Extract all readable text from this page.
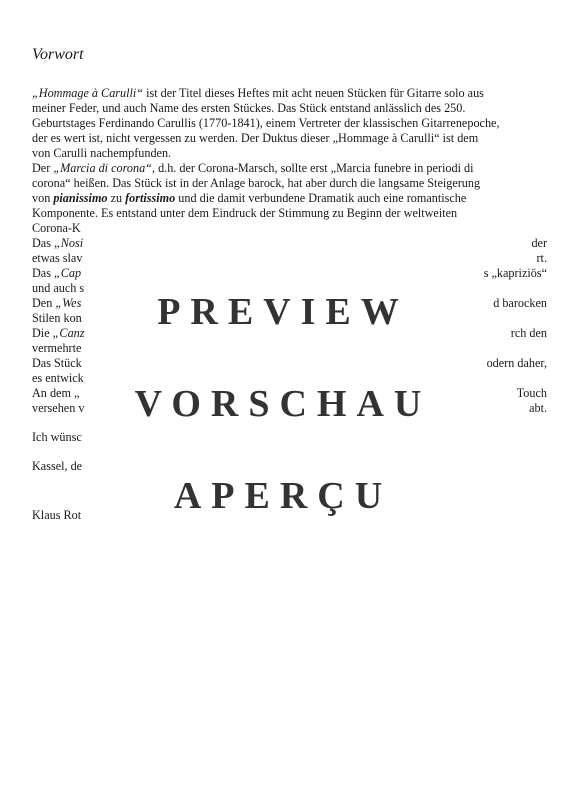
Vorwort

„Hommage à Carulli“ ist der Titel dieses Heftes mit acht neuen Stücken für Gitarre solo aus

meiner Feder, und auch Name des ersten Stückes. Das Stück entstand anlässlich des 250.

Geburtstages Ferdinando Carullis (1770-1841), einem Vertreter der klassischen Gitarrenepoche,

der es wert ist, nicht vergessen zu werden. Der Duktus dieser „Hommage à Carulli“ ist dem

von Carulli nachempfunden.

Der „Marcia di corona“, d.h. der Corona-Marsch, sollte erst „Marcia funebre in periodi di

corona“ heißen. Das Stück ist in der Anlage barock, hat aber durch die langsame Steigerung

von pianissimo zu fortissimo und die damit verbundene Dramatik auch eine romantische

Komponente. Es entstand unter dem Eindruck der Stimmung zu Beginn der weltweiten

Corona-K

Das „Nosi	der

etwas slav	rt.

Das „Cap	s „kapriziös“

und auch s

Den „Wes	d barocken

Stilen kon

Die „Canz	rch den

vermehrte

Das Stück	odern daher,

es entwick

An dem „	Touch

versehen v	abt.

Ich wünsc

Kassel, de

Klaus Rot

PREVIEW
VORSCHAU
APERÇU
